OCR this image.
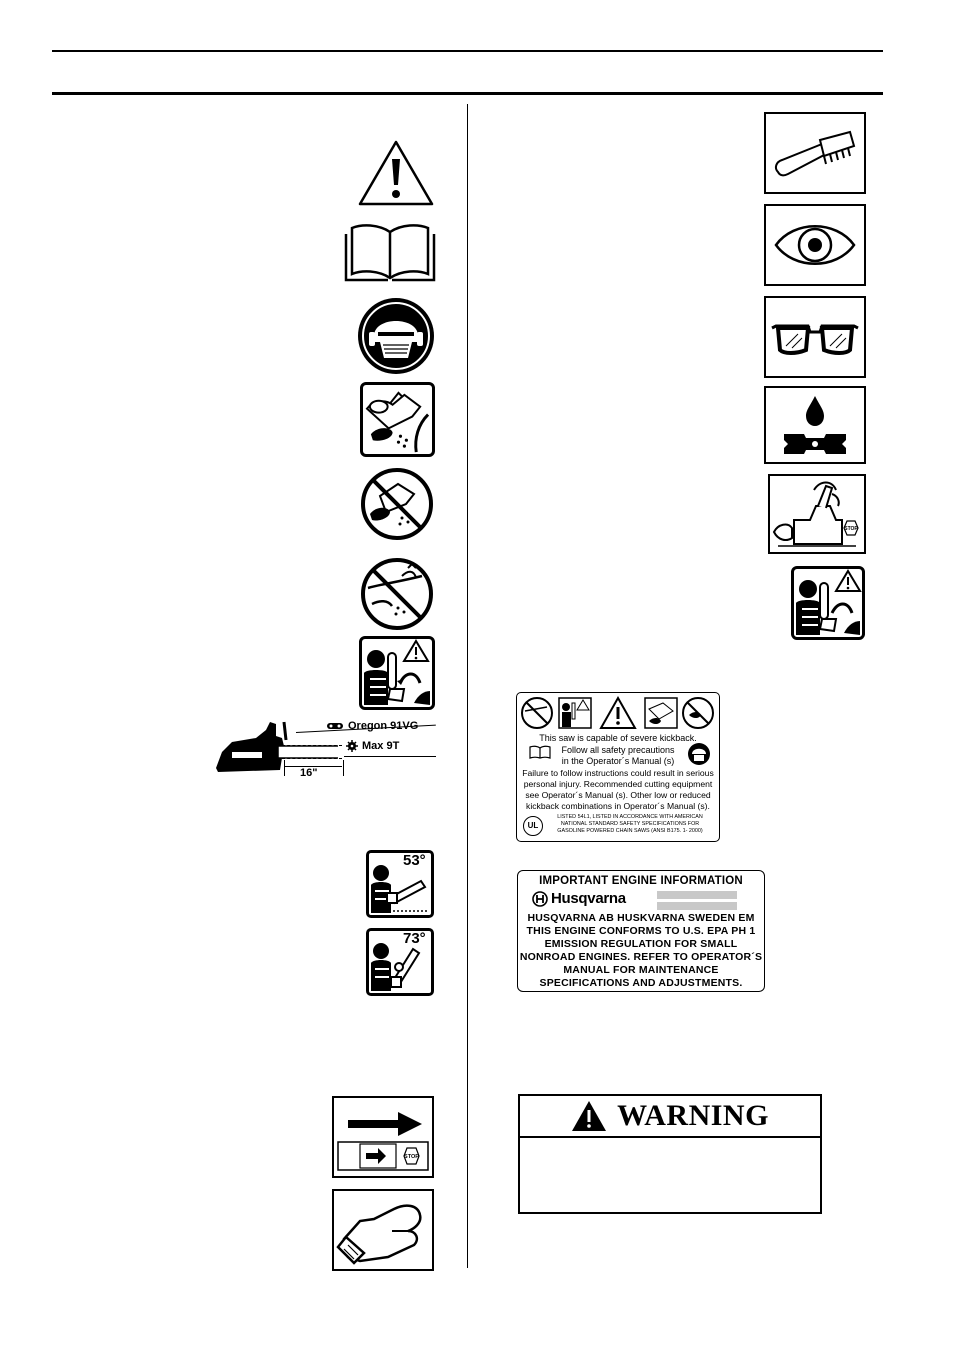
16"
Oregon 91VG
Max 9T
53°
73°
STOP
STOP
This saw is capable of severe kickback.
Follow all safety precautions
in the Operator´s Manual (s)
Failure to follow instructions could result in serious
personal injury. Recommended cutting equipment
see Operator´s Manual (s). Other low or reduced
kickback combinations in Operator´s Manual (s).
UL
LISTED 54L1, LISTED IN ACCORDANCE WITH AMERICAN
NATIONAL STANDARD SAFETY SPECIFICATIONS FOR
GASOLINE POWERED CHAIN SAWS (ANSI B175. 1- 2000)
IMPORTANT ENGINE INFORMATION
Husqvarna
HUSQVARNA AB HUSKVARNA SWEDEN EM
THIS ENGINE CONFORMS TO U.S. EPA PH 1
EMISSION REGULATION FOR SMALL
NONROAD ENGINES. REFER TO OPERATOR´S
MANUAL FOR MAINTENANCE
SPECIFICATIONS AND ADJUSTMENTS.
WARNING
